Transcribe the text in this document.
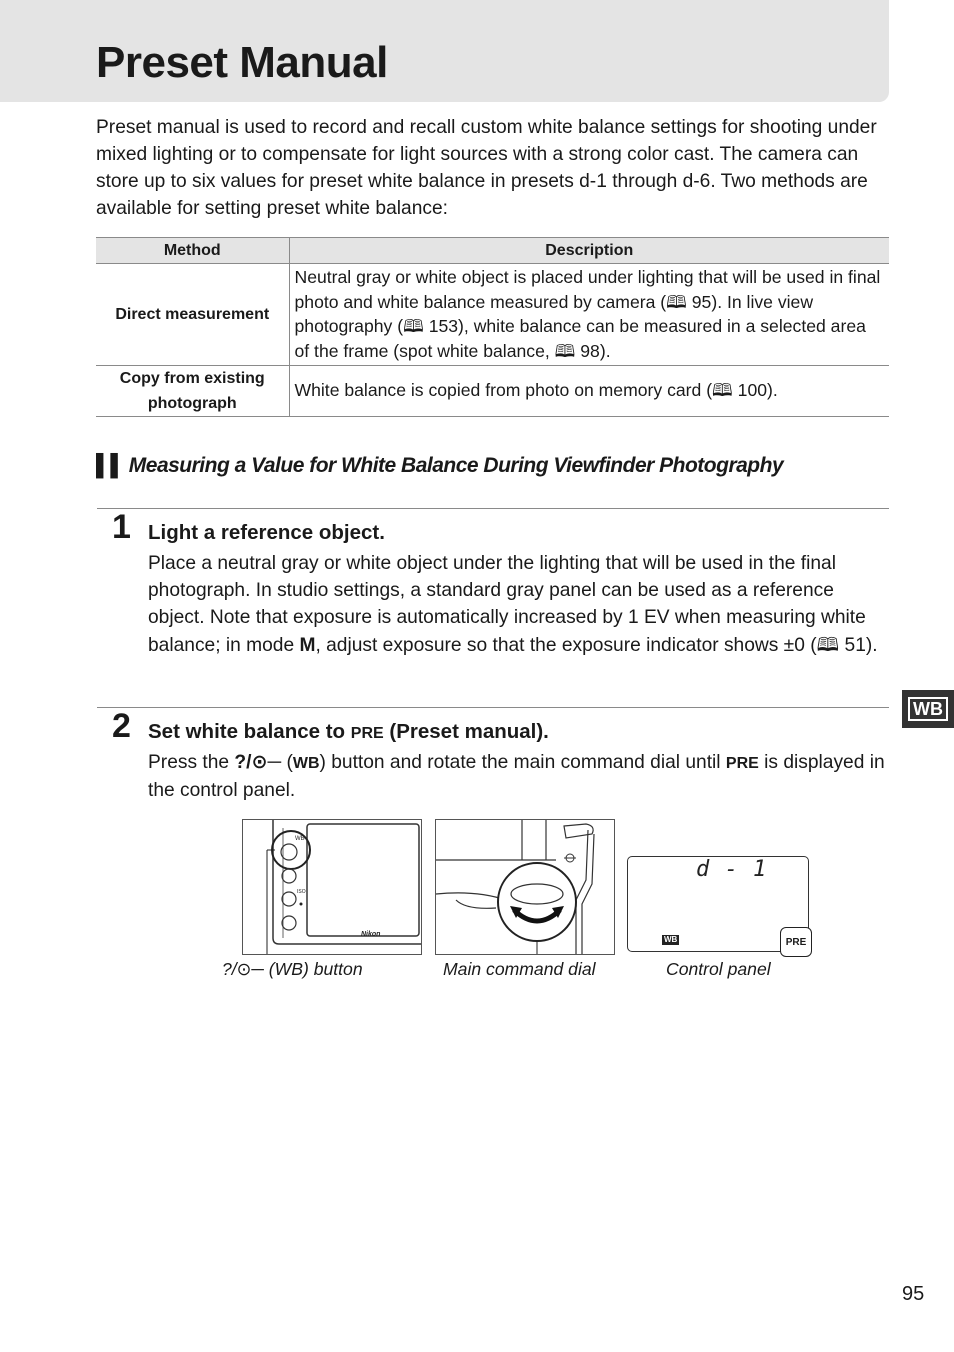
Preset Manual

Preset manual is used to record and recall custom white balance settings for shooting under mixed lighting or to compensate for light sources with a strong color cast. The camera can store up to six values for preset white balance in presets d-1 through d-6. Two methods are available for setting preset white balance:

Method	Description
Direct measurement	Neutral gray or white object is placed under lighting that will be used in final photo and white balance measured by camera (🕮 95). In live view photography (🕮 153), white balance can be measured in a selected area of the frame (spot white balance, 🕮 98).
Copy from existing photograph	White balance is copied from photo on memory card (🕮 100).
▌▌ Measuring a Value for White Balance During Viewfinder Photography
1 Light a reference object.

Place a neutral gray or white object under the lighting that will be used in the final photograph. In studio settings, a standard gray panel can be used as a reference object. Note that exposure is automatically increased by 1 EV when measuring white balance; in mode M, adjust exposure so that the exposure indicator shows ±0 (🕮 51).

2 Set white balance to PRE (Preset manual).

Press the ?/⊙─ (WB) button and rotate the main command dial until PRE is displayed in the control panel.

WB
WB
ISO
Nikon
d - 1
WB	PRE
?/⊙─ (WB) button	Main command dial	Control panel
95
